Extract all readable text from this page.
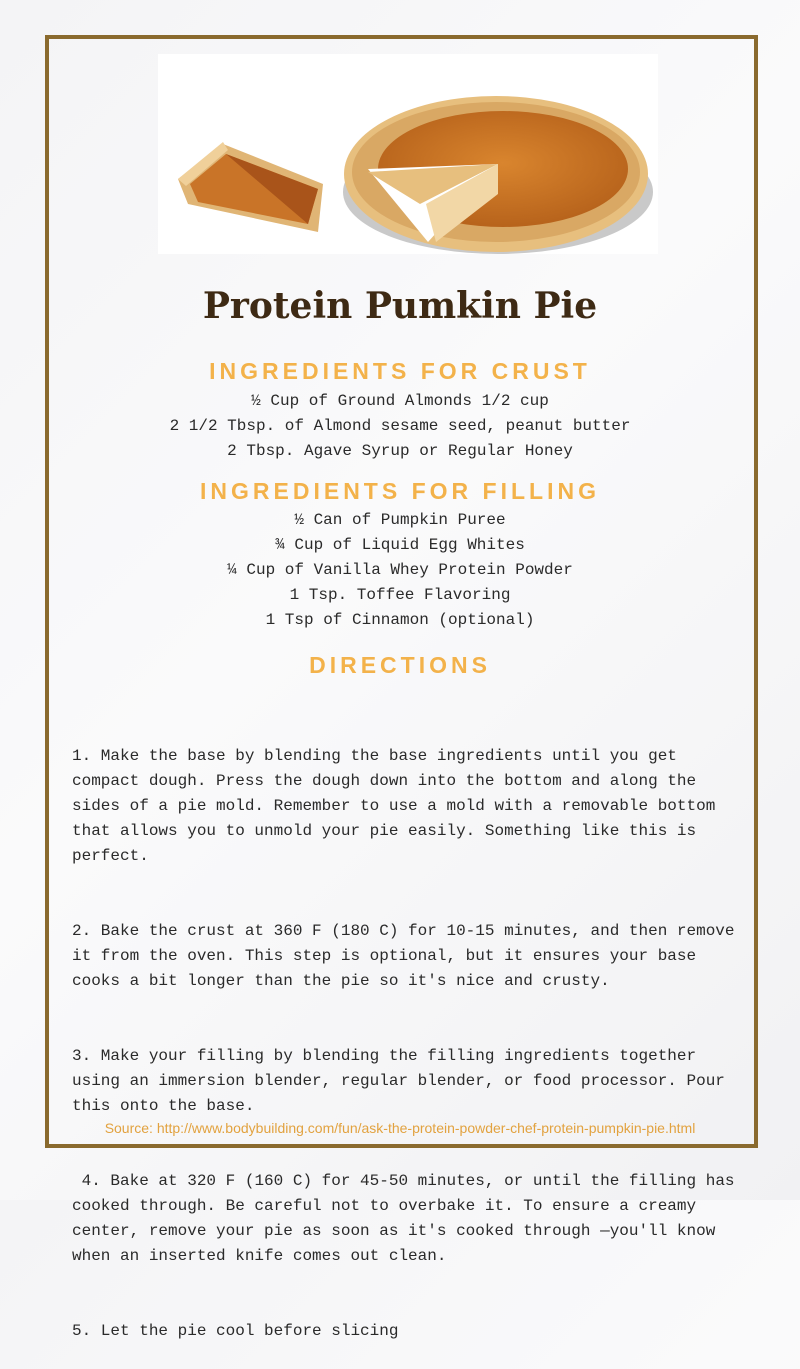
Protein Pumkin Pie
INGREDIENTS FOR CRUST
½ Cup of Ground Almonds 1/2 cup
2 1/2 Tbsp. of Almond sesame seed, peanut butter
2 Tbsp. Agave Syrup or Regular Honey
INGREDIENTS FOR FILLING
½ Can of Pumpkin Puree
¾ Cup of Liquid Egg Whites
¼ Cup of Vanilla Whey Protein Powder
1 Tsp. Toffee Flavoring
1 Tsp of Cinnamon (optional)
DIRECTIONS

1. Make the base by blending the base ingredients until you get compact dough. Press the dough down into the bottom and along the sides of a pie mold. Remember to use a mold with a removable bottom that allows you to unmold your pie easily. Something like this is perfect.

2. Bake the crust at 360 F (180 C) for 10-15 minutes, and then remove it from the oven. This step is optional, but it ensures your base cooks a bit longer than the pie so it's nice and crusty.

3. Make your filling by blending the filling ingredients together using an immersion blender, regular blender, or food processor. Pour this onto the base.

4. Bake at 320 F (160 C) for 45-50 minutes, or until the filling has cooked through. Be careful not to overbake it. To ensure a creamy center, remove your pie as soon as it's cooked through —you'll know when an inserted knife comes out clean.

5. Let the pie cool before slicing

Source: http://www.bodybuilding.com/fun/ask-the-protein-powder-chef-protein-pumpkin-pie.html
